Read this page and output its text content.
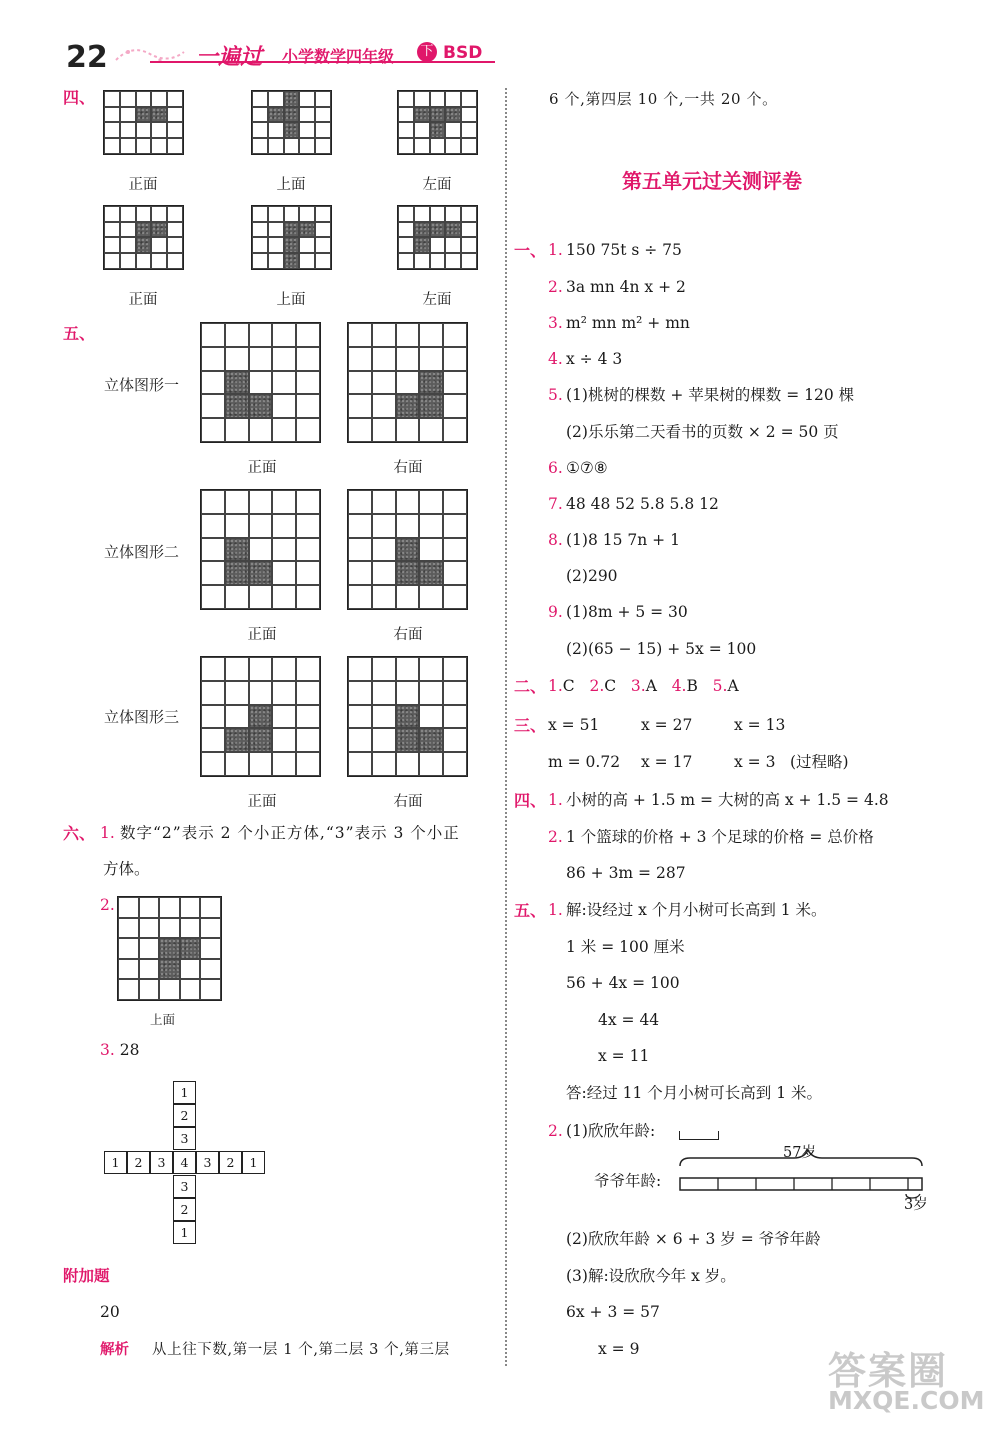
22	一遍过 小学数学四年级 下 BSD
四、
正面	上面	左面
正面	上面	左面
五、
立体图形一
立体图形二
立体图形三
正面	右面
正面	右面
正面	右面
六、 1. 数字“2”表示 2 个小正方体,“3”表示 3 个小正
方体。
2.
上面
3. 28
1
2
3
1	2	3	4	3	2	1
3
2
1
附加题
20
解析 从上往下数,第一层 1 个,第二层 3 个,第三层
6 个,第四层 10 个,一共 20 个。
第五单元过关测评卷
一、 1. 150 75t s ÷ 75
2. 3a mn 4n x + 2
3. m² mn m² + mn
4. x ÷ 4 3
5. (1)桃树的棵数 + 苹果树的棵数 = 120 棵
(2)乐乐第二天看书的页数 × 2 = 50 页
6. ①⑦⑧
7. 48 48 52 5.8 5.8 12
8. (1)8 15 7n + 1
(2)290
9. (1)8m + 5 = 30
(2)(65 − 15) + 5x = 100
二、 1.C 2.C 3.A 4.B 5.A
三、 x = 51	x = 27	x = 13
m = 0.72 x = 17	x = 3 (过程略)
四、 1. 小树的高 + 1.5 m = 大树的高 x + 1.5 = 4.8
2. 1 个篮球的价格 + 3 个足球的价格 = 总价格
86 + 3m = 287
五、 1. 解:设经过 x 个月小树可长高到 1 米。
1 米 = 100 厘米
56 + 4x = 100
4x = 44
x = 11
答:经过 11 个月小树可长高到 1 米。
2. (1)欣欣年龄:
爷爷年龄:
57岁
3岁
(2)欣欣年龄 × 6 + 3 岁 = 爷爷年龄
(3)解:设欣欣今年 x 岁。
6x + 3 = 57
x = 9	答案圈
MXQE.COM
